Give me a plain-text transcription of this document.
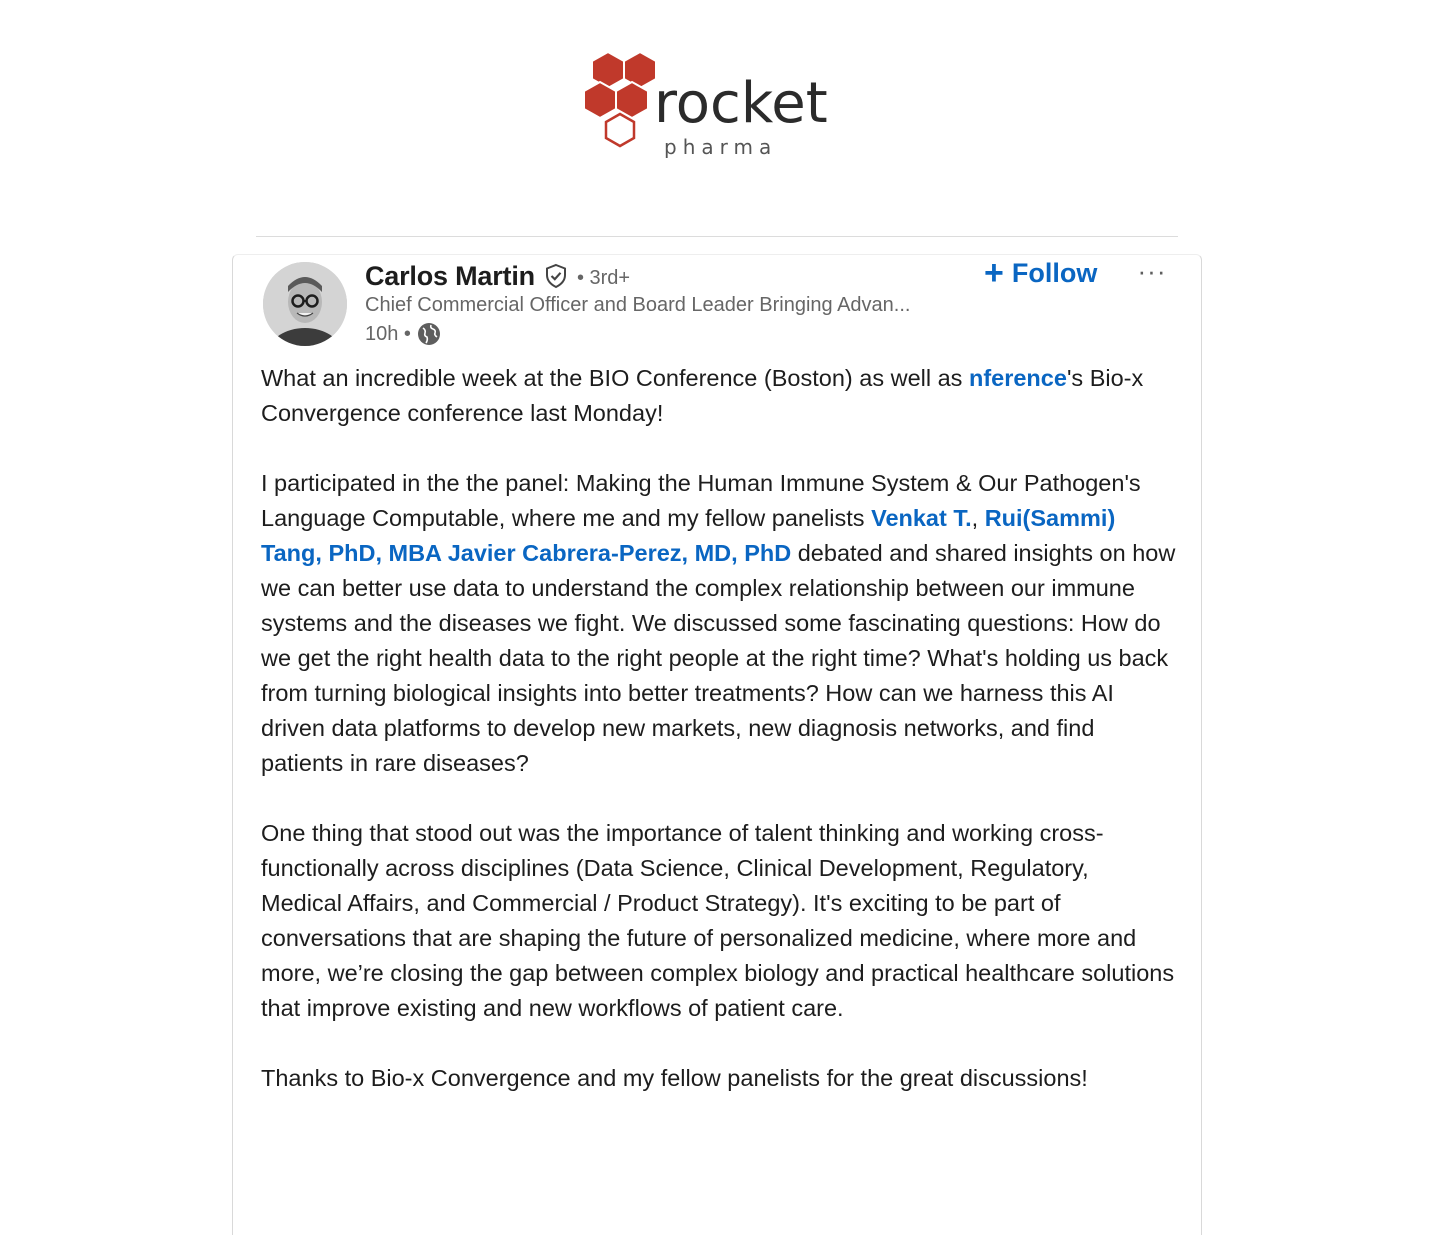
rocket
pharma
Carlos Martin • 3rd+
Chief Commercial Officer and Board Leader Bringing Advan...
10h •
+ Follow ···

What an incredible week at the BIO Conference (Boston) as well as nference's Bio-x Convergence conference last Monday!

I participated in the the panel: Making the Human Immune System & Our Pathogen's Language Computable, where me and my fellow panelists Venkat T., Rui(Sammi) Tang, PhD, MBA Javier Cabrera-Perez, MD, PhD debated and shared insights on how we can better use data to understand the complex relationship between our immune systems and the diseases we fight. We discussed some fascinating questions: How do we get the right health data to the right people at the right time? What's holding us back from turning biological insights into better treatments? How can we harness this AI driven data platforms to develop new markets, new diagnosis networks, and find patients in rare diseases?

One thing that stood out was the importance of talent thinking and working cross-functionally across disciplines (Data Science, Clinical Development, Regulatory, Medical Affairs, and Commercial / Product Strategy). It's exciting to be part of conversations that are shaping the future of personalized medicine, where more and more, we’re closing the gap between complex biology and practical healthcare solutions that improve existing and new workflows of patient care.

Thanks to Bio-x Convergence and my fellow panelists for the great discussions!
